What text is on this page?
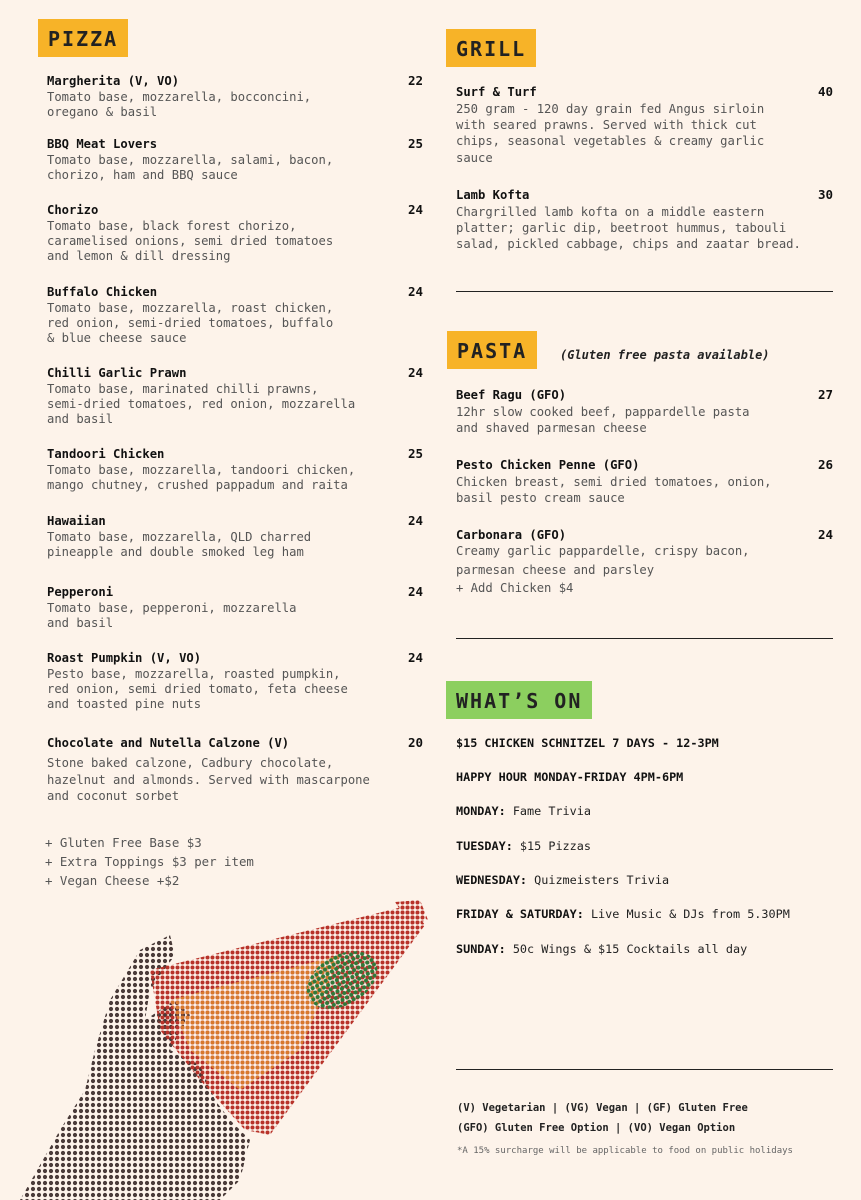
PIZZA
Margherita (V, VO)	22
Tomato base, mozzarella, bocconcini,
oregano & basil
BBQ Meat Lovers	25
Tomato base, mozzarella, salami, bacon,
chorizo, ham and BBQ sauce
Chorizo	24
Tomato base, black forest chorizo,
caramelised onions, semi dried tomatoes
and lemon & dill dressing
Buffalo Chicken	24
Tomato base, mozzarella, roast chicken,
red onion, semi-dried tomatoes, buffalo
& blue cheese sauce
Chilli Garlic Prawn	24
Tomato base, marinated chilli prawns,
semi-dried tomatoes, red onion, mozzarella
and basil
Tandoori Chicken	25
Tomato base, mozzarella, tandoori chicken,
mango chutney, crushed pappadum and raita
Hawaiian	24
Tomato base, mozzarella, QLD charred
pineapple and double smoked leg ham
Pepperoni	24
Tomato base, pepperoni, mozzarella
and basil
Roast Pumpkin (V, VO)	24
Pesto base, mozzarella, roasted pumpkin,
red onion, semi dried tomato, feta cheese
and toasted pine nuts
Chocolate and Nutella Calzone (V)	20
Stone baked calzone, Cadbury chocolate,
hazelnut and almonds. Served with mascarpone
and coconut sorbet
+ Gluten Free Base $3
+ Extra Toppings $3 per item
+ Vegan Cheese +$2
GRILL
Surf & Turf	40
250 gram - 120 day grain fed Angus sirloin
with seared prawns. Served with thick cut
chips, seasonal vegetables & creamy garlic
sauce
Lamb Kofta	30
Chargrilled lamb kofta on a middle eastern
platter; garlic dip, beetroot hummus, tabouli
salad, pickled cabbage, chips and zaatar bread.
PASTA	(Gluten free pasta available)
Beef Ragu (GFO)	27
12hr slow cooked beef, pappardelle pasta
and shaved parmesan cheese
Pesto Chicken Penne (GFO)	26
Chicken breast, semi dried tomatoes, onion,
basil pesto cream sauce
Carbonara (GFO)	24
Creamy garlic pappardelle, crispy bacon,
parmesan cheese and parsley
+ Add Chicken $4
WHAT’S ON
$15 CHICKEN SCHNITZEL 7 DAYS - 12-3PM
HAPPY HOUR MONDAY-FRIDAY 4PM-6PM
MONDAY: Fame Trivia
TUESDAY: $15 Pizzas
WEDNESDAY: Quizmeisters Trivia
FRIDAY & SATURDAY: Live Music & DJs from 5.30PM
SUNDAY: 50c Wings & $15 Cocktails all day
(V) Vegetarian | (VG) Vegan | (GF) Gluten Free
(GFO) Gluten Free Option | (VO) Vegan Option
*A 15% surcharge will be applicable to food on public holidays
